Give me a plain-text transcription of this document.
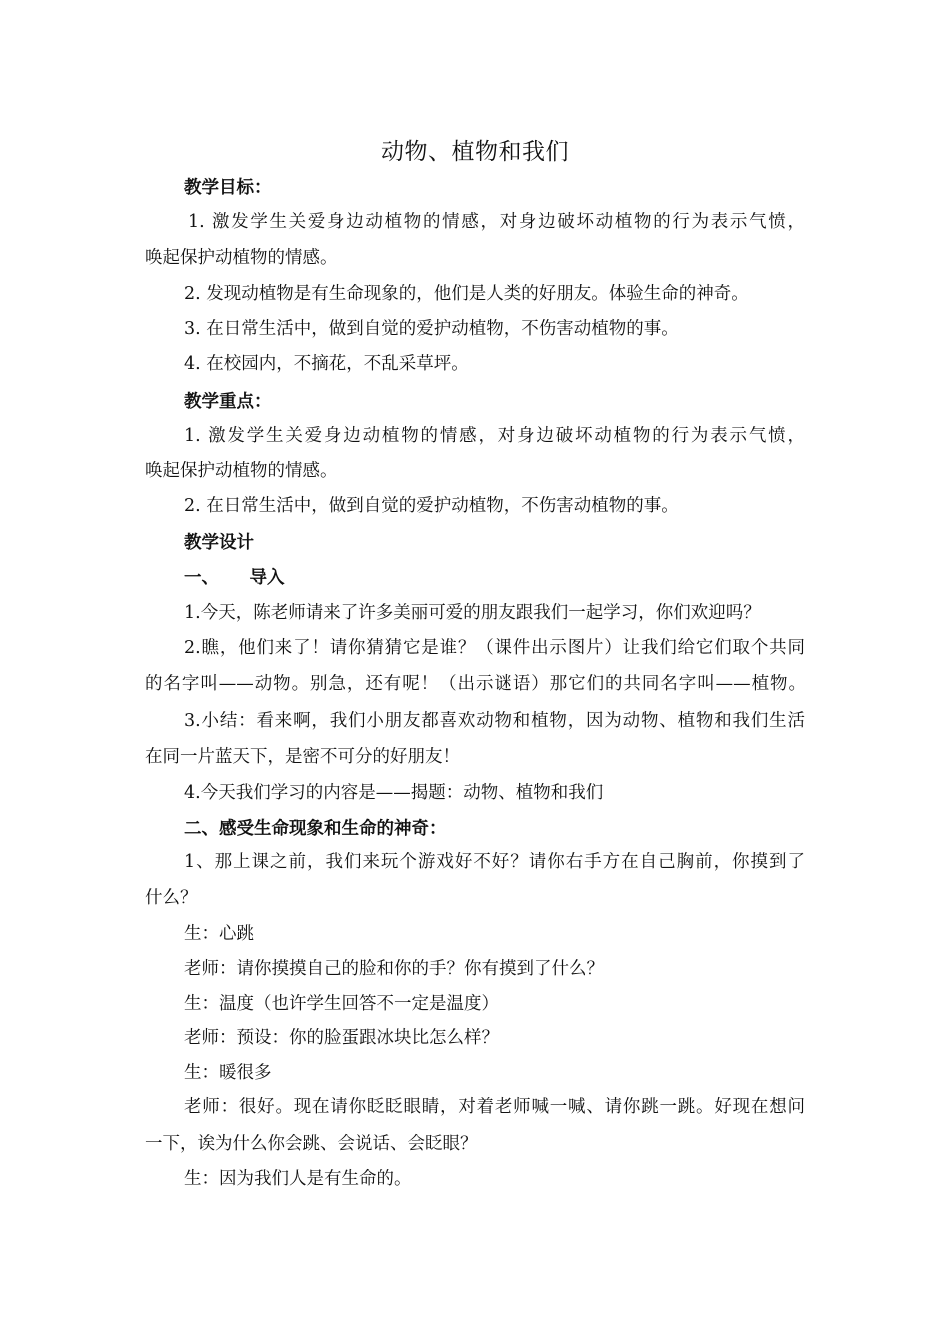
动物、植物和我们
教学目标：
1. 激发学生关爱身边动植物的情感，对身边破坏动植物的行为表示气愤，
唤起保护动植物的情感。
2. 发现动植物是有生命现象的，他们是人类的好朋友。体验生命的神奇。
3. 在日常生活中，做到自觉的爱护动植物，不伤害动植物的事。
4. 在校园内，不摘花，不乱采草坪。
教学重点：
1. 激发学生关爱身边动植物的情感，对身边破坏动植物的行为表示气愤，
唤起保护动植物的情感。
2. 在日常生活中，做到自觉的爱护动植物，不伤害动植物的事。
教学设计
一、     导入
1.今天，陈老师请来了许多美丽可爱的朋友跟我们一起学习，你们欢迎吗？
2.瞧，他们来了！请你猜猜它是谁？（课件出示图片）让我们给它们取个共同
的名字叫——动物。别急，还有呢！（出示谜语）那它们的共同名字叫——植物。
3.小结：看来啊，我们小朋友都喜欢动物和植物，因为动物、植物和我们生活
在同一片蓝天下，是密不可分的好朋友！
4.今天我们学习的内容是——揭题：动物、植物和我们
二、感受生命现象和生命的神奇：
1、那上课之前，我们来玩个游戏好不好？请你右手方在自己胸前，你摸到了
什么？
生：心跳
老师：请你摸摸自己的脸和你的手？你有摸到了什么？
生：温度（也许学生回答不一定是温度）
老师：预设：你的脸蛋跟冰块比怎么样？
生：暖很多
老师：很好。现在请你眨眨眼睛，对着老师喊一喊、请你跳一跳。好现在想问
一下，诶为什么你会跳、会说话、会眨眼？
生：因为我们人是有生命的。
